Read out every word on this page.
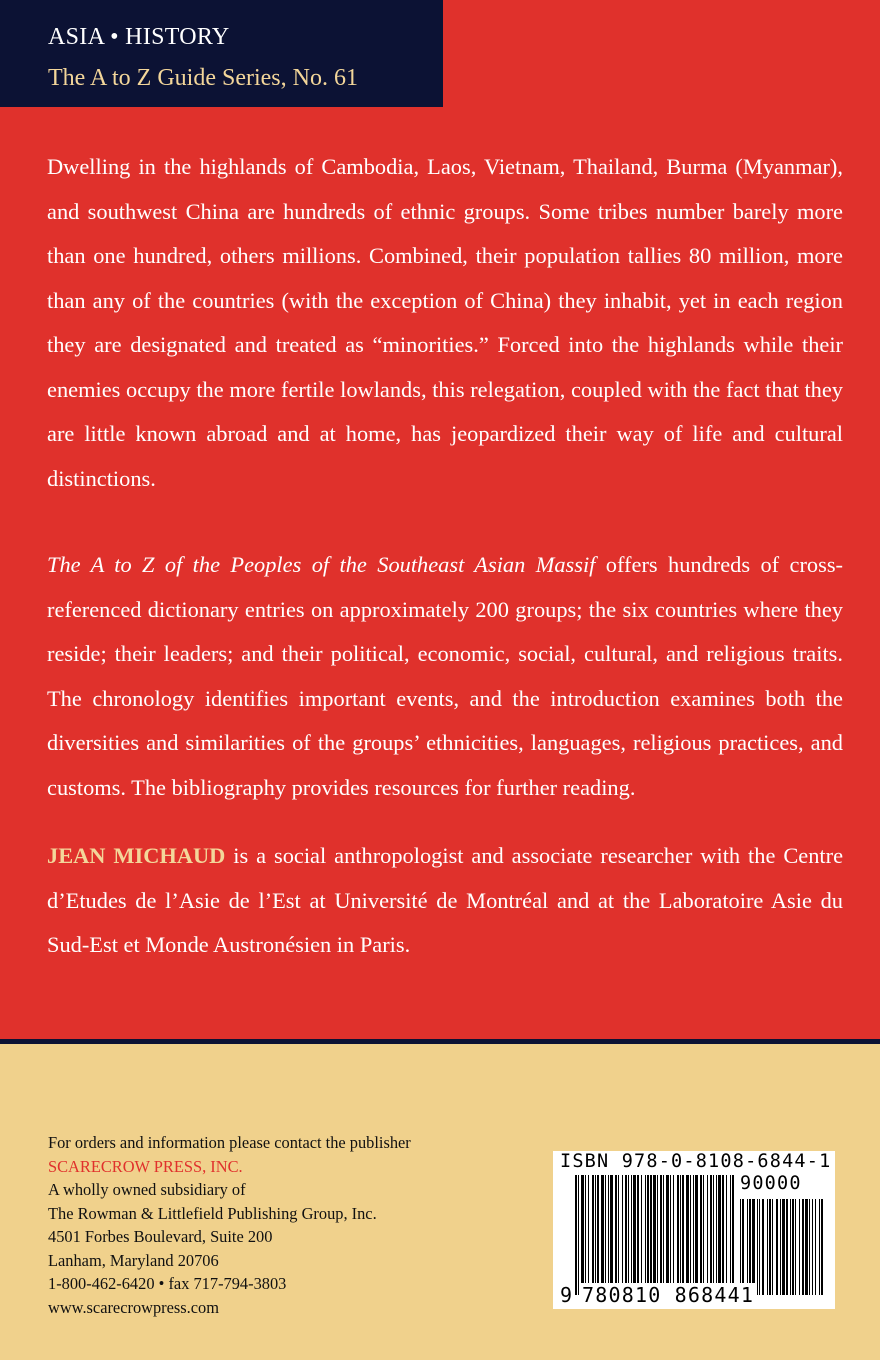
ASIA • HISTORY
The A to Z Guide Series, No. 61
Dwelling in the highlands of Cambodia, Laos, Vietnam, Thailand, Burma (Myanmar), and southwest China are hundreds of ethnic groups. Some tribes number barely more than one hundred, others millions. Combined, their population tallies 80 million, more than any of the countries (with the exception of China) they inhabit, yet in each region they are designated and treated as “minorities.” Forced into the highlands while their enemies occupy the more fertile lowlands, this relegation, coupled with the fact that they are little known abroad and at home, has jeopardized their way of life and cultural distinctions.
The A to Z of the Peoples of the Southeast Asian Massif offers hundreds of cross-referenced dictionary entries on approximately 200 groups; the six countries where they reside; their leaders; and their political, economic, social, cultural, and religious traits. The chronology identifies important events, and the introduction examines both the diversities and similarities of the groups’ ethnicities, languages, religious practices, and customs. The bibliography provides resources for further reading.
JEAN MICHAUD is a social anthropologist and associate researcher with the Centre d’Etudes de l’Asie de l’Est at Université de Montréal and at the Laboratoire Asie du Sud-Est et Monde Austronésien in Paris.
For orders and information please contact the publisher
SCARECROW PRESS, INC.
A wholly owned subsidiary of
The Rowman & Littlefield Publishing Group, Inc.
4501 Forbes Boulevard, Suite 200
Lanham, Maryland 20706
1-800-462-6420 • fax 717-794-3803
www.scarecrowpress.com
ISBN 978-0-8108-6844-1
90000
9 780810 868441
